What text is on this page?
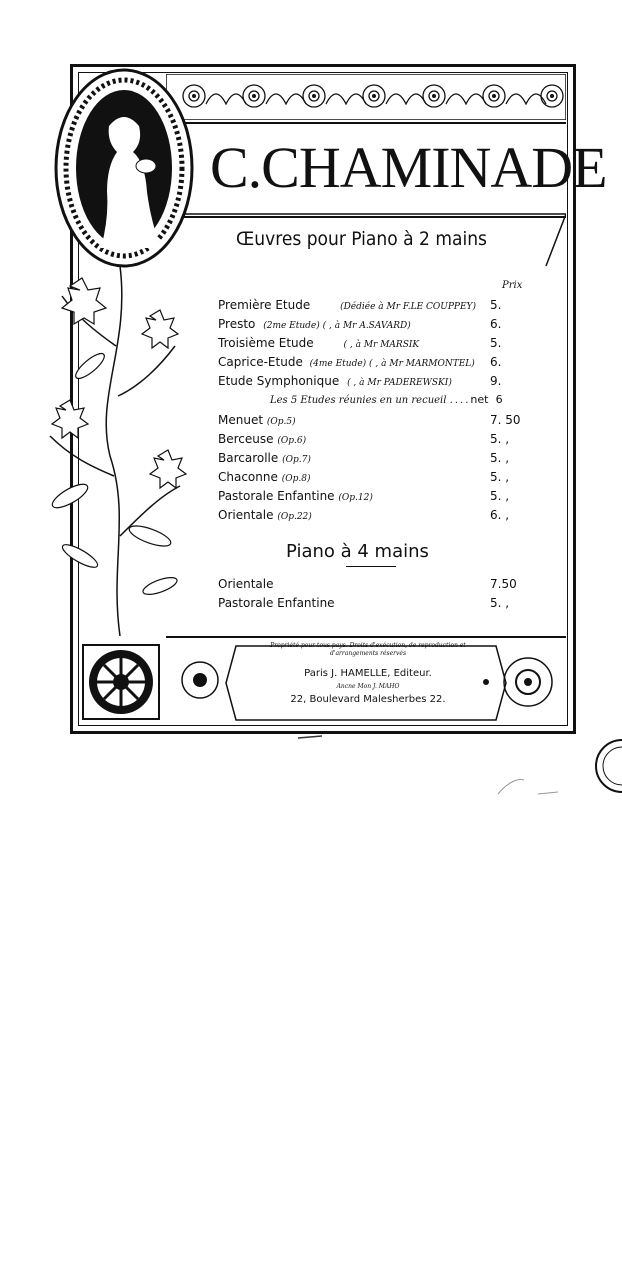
C.CHAMINADE
Œuvres pour Piano à 2 mains
Prix
Première Etude	(Dédiée à Mr F.LE COUPPEY) 5.
Presto (2me Etude) ( , à Mr A.SAVARD)	6.
Troisième Etude	( , à Mr MARSIK	5.
Caprice-Etude (4me Etude) ( , à Mr MARMONTEL) 6.
Etude Symphonique ( , à Mr PADEREWSKI)	9.
Les 5 Etudes réunies en un recueil ....net 6
Menuet (Op.5)	7. 50
Berceuse (Op.6)	5. ,
Barcarolle (Op.7)	5. ,
Chaconne (Op.8)	5. ,
Pastorale Enfantine (Op.12)	5. ,
Orientale (Op.22)	6. ,
Piano à 4 mains
Orientale	7.50
Pastorale Enfantine	5. ,
Propriété pour tous pays. Droits d'exécution, de reproduction et d'arrangements réservés
Paris J. HAMELLE, Editeur.
Ancne Mon J. MAHO
22, Boulevard Malesherbes 22.
